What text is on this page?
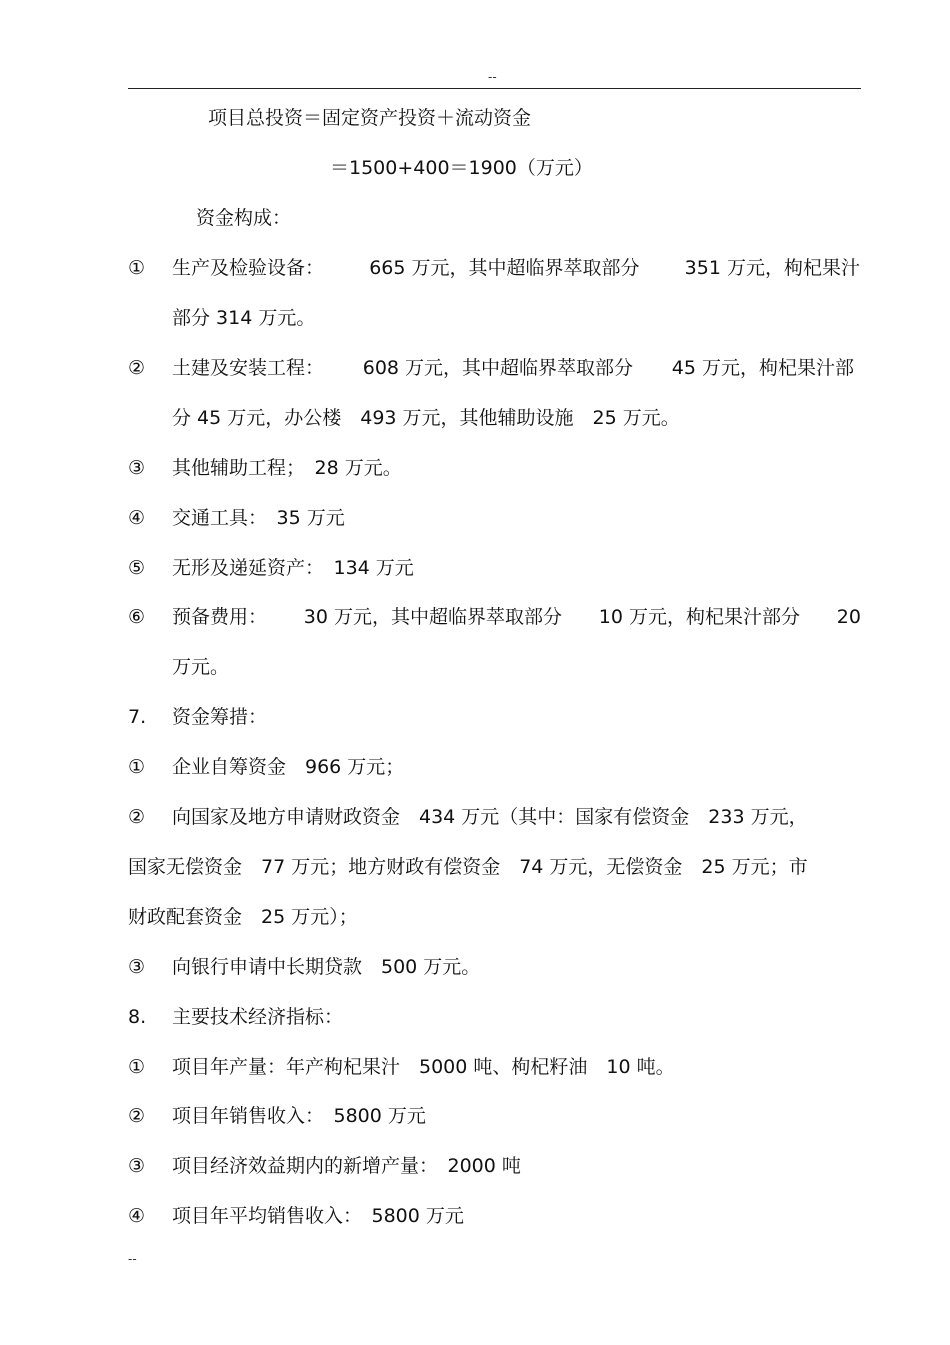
--
项目总投资＝固定资产投资＋流动资金
＝1500+400＝1900（万元）
资金构成：
① 生产及检验设备： 665 万元，其中超临界萃取部分 351 万元，枸杞果汁
部分 314 万元。
② 土建及安装工程： 608 万元，其中超临界萃取部分 45 万元，枸杞果汁部
分 45 万元，办公楼　493 万元，其他辅助设施　25 万元。
③ 其他辅助工程；　28 万元。
④ 交通工具：　35 万元
⑤ 无形及递延资产：　134 万元
⑥ 预备费用： 30 万元，其中超临界萃取部分 10 万元，枸杞果汁部分 20
万元。
7. 资金筹措：
① 企业自筹资金　966 万元；
② 向国家及地方申请财政资金　434 万元（其中：国家有偿资金　233 万元，
国家无偿资金　77 万元；地方财政有偿资金　74 万元，无偿资金　25 万元；市
财政配套资金　25 万元）；
③ 向银行申请中长期贷款　500 万元。
8. 主要技术经济指标：
① 项目年产量：年产枸杞果汁　5000 吨、枸杞籽油　10 吨。
② 项目年销售收入：　5800 万元
③ 项目经济效益期内的新增产量：　2000 吨
④ 项目年平均销售收入：　5800 万元
--
